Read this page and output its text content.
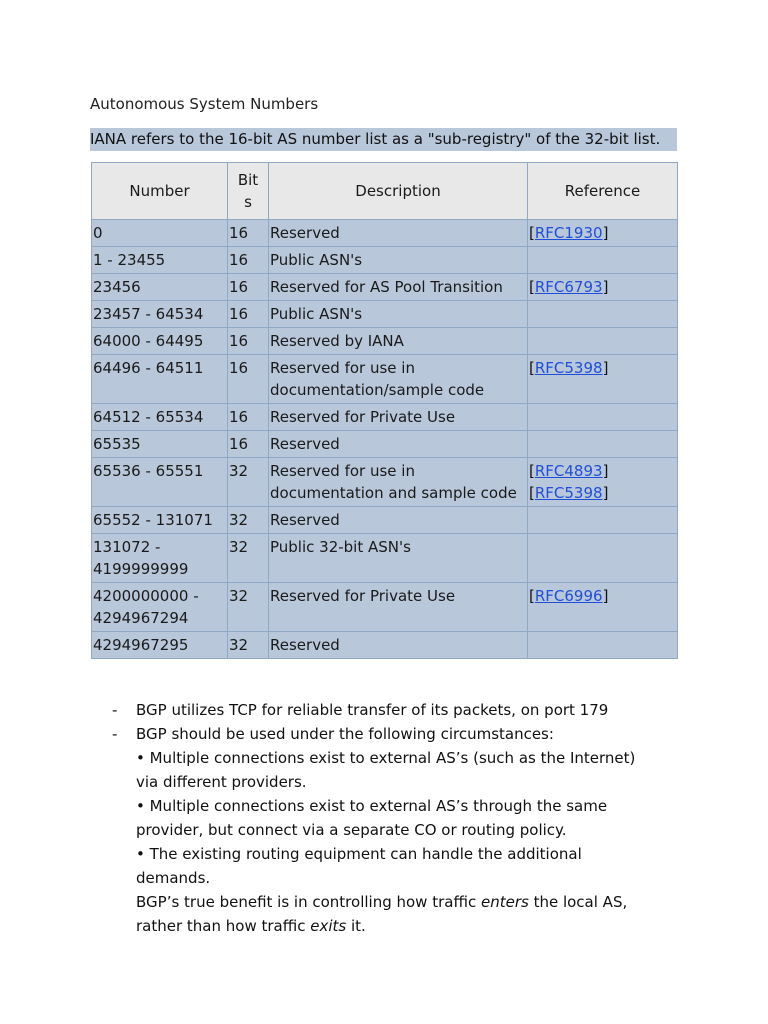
Autonomous System Numbers
IANA refers to the 16-bit AS number list as a "sub-registry" of the 32-bit list.
Number	Bit s	Description	Reference
0	16	Reserved	[RFC1930]
1 - 23455	16	Public ASN's	
23456	16	Reserved for AS Pool Transition	[RFC6793]
23457 - 64534	16	Public ASN's	
64000 - 64495	16	Reserved by IANA	
64496 - 64511	16	Reserved for use in documentation/sample code	[RFC5398]
64512 - 65534	16	Reserved for Private Use	
65535	16	Reserved	
65536 - 65551	32	Reserved for use in documentation and sample code	[RFC4893][RFC5398]
65552 - 131071	32	Reserved	
131072 - 4199999999	32	Public 32-bit ASN's	
4200000000 - 4294967294	32	Reserved for Private Use	[RFC6996]
4294967295	32	Reserved	
- BGP utilizes TCP for reliable transfer of its packets, on port 179
- BGP should be used under the following circumstances:
• Multiple connections exist to external AS’s (such as the Internet) via different providers.
• Multiple connections exist to external AS’s through the same provider, but connect via a separate CO or routing policy.
• The existing routing equipment can handle the additional demands.
BGP’s true benefit is in controlling how traffic enters the local AS, rather than how traffic exits it.
